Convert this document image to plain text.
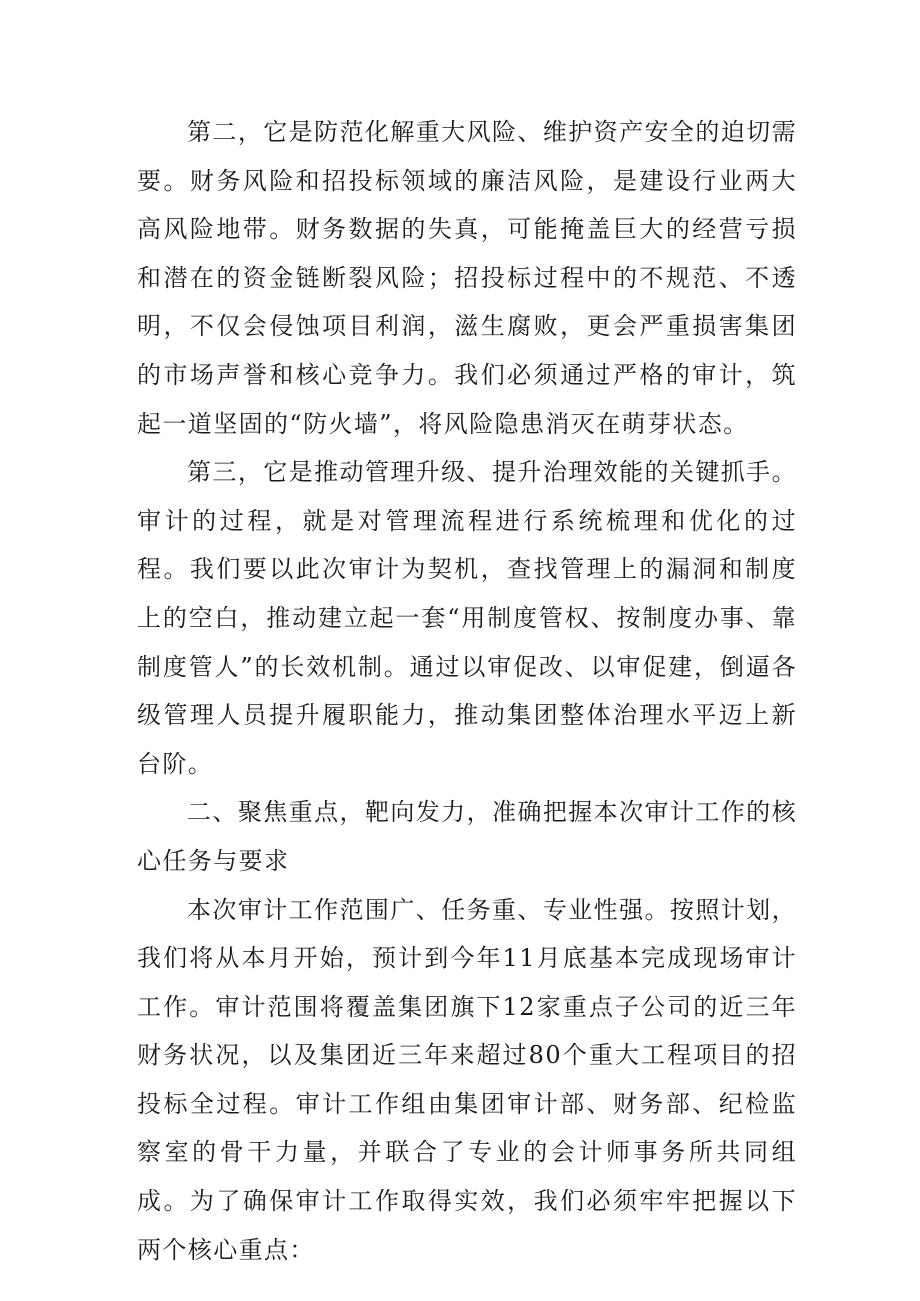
第二，它是防范化解重大风险、维护资产安全的迫切需要。财务风险和招投标领域的廉洁风险，是建设行业两大高风险地带。财务数据的失真，可能掩盖巨大的经营亏损和潜在的资金链断裂风险；招投标过程中的不规范、不透明，不仅会侵蚀项目利润，滋生腐败，更会严重损害集团的市场声誉和核心竞争力。我们必须通过严格的审计，筑起一道坚固的“防火墙”，将风险隐患消灭在萌芽状态。

第三，它是推动管理升级、提升治理效能的关键抓手。审计的过程，就是对管理流程进行系统梳理和优化的过程。我们要以此次审计为契机，查找管理上的漏洞和制度上的空白，推动建立起一套“用制度管权、按制度办事、靠制度管人”的长效机制。通过以审促改、以审促建，倒逼各级管理人员提升履职能力，推动集团整体治理水平迈上新台阶。

二、聚焦重点，靶向发力，准确把握本次审计工作的核心任务与要求

本次审计工作范围广、任务重、专业性强。按照计划，我们将从本月开始，预计到今年11月底基本完成现场审计工作。审计范围将覆盖集团旗下12家重点子公司的近三年财务状况，以及集团近三年来超过80个重大工程项目的招投标全过程。审计工作组由集团审计部、财务部、纪检监察室的骨干力量，并联合了专业的会计师事务所共同组成。为了确保审计工作取得实效，我们必须牢牢把握以下两个核心重点：
